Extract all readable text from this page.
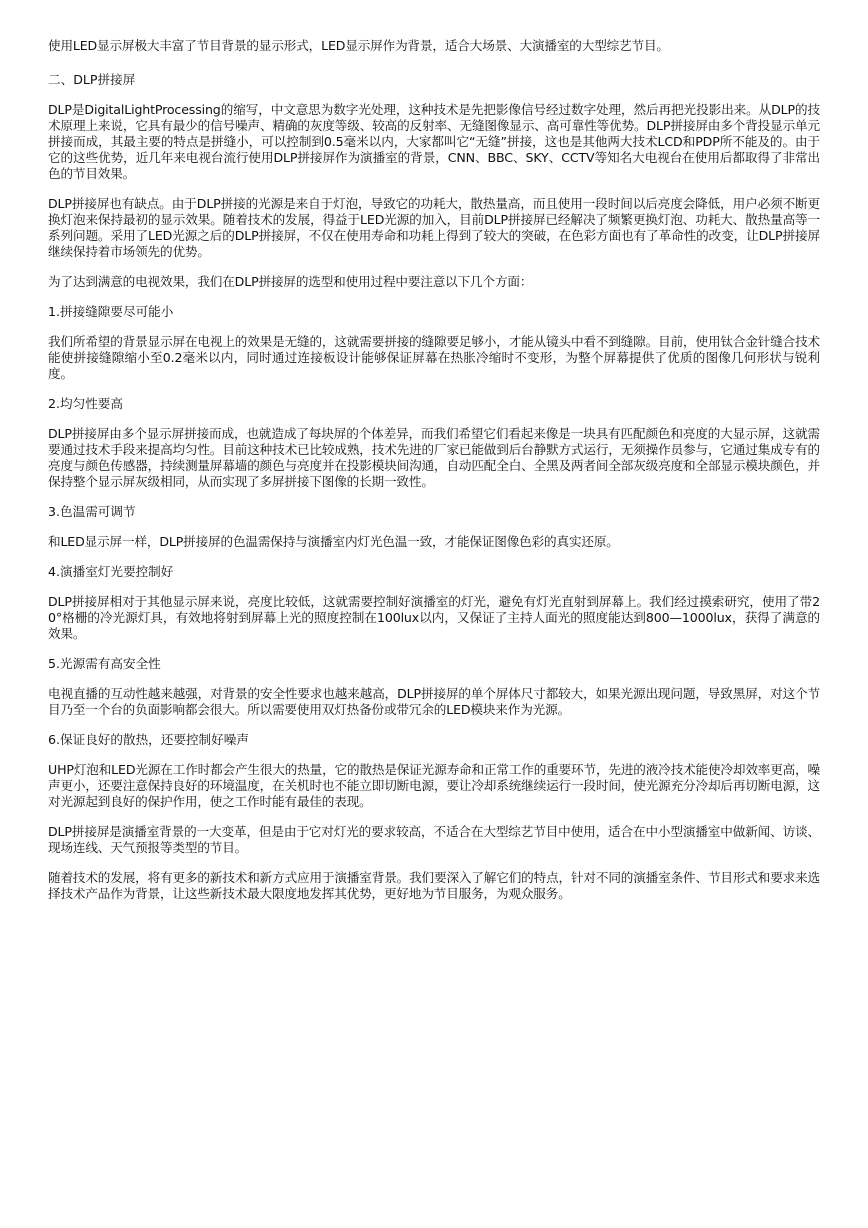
使用LED显示屏极大丰富了节目背景的显示形式，LED显示屏作为背景，适合大场景、大演播室的大型综艺节目。

二、DLP拼接屏

DLP是DigitalLightProcessing的缩写，中文意思为数字光处理，这种技术是先把影像信号经过数字处理，然后再把光投影出来。从DLP的技术原理上来说，它具有最少的信号噪声、精确的灰度等级、较高的反射率、无缝图像显示、高可靠性等优势。DLP拼接屏由多个背投显示单元拼接而成，其最主要的特点是拼缝小，可以控制到0.5毫米以内，大家都叫它“无缝”拼接，这也是其他两大技术LCD和PDP所不能及的。由于它的这些优势，近几年来电视台流行使用DLP拼接屏作为演播室的背景，CNN、BBC、SKY、CCTV等知名大电视台在使用后都取得了非常出色的节目效果。

DLP拼接屏也有缺点。由于DLP拼接的光源是来自于灯泡，导致它的功耗大，散热量高，而且使用一段时间以后亮度会降低，用户必须不断更换灯泡来保持最初的显示效果。随着技术的发展，得益于LED光源的加入，目前DLP拼接屏已经解决了频繁更换灯泡、功耗大、散热量高等一系列问题。采用了LED光源之后的DLP拼接屏，不仅在使用寿命和功耗上得到了较大的突破，在色彩方面也有了革命性的改变，让DLP拼接屏继续保持着市场领先的优势。

为了达到满意的电视效果，我们在DLP拼接屏的选型和使用过程中要注意以下几个方面：

1.拼接缝隙要尽可能小

我们所希望的背景显示屏在电视上的效果是无缝的，这就需要拼接的缝隙要足够小，才能从镜头中看不到缝隙。目前，使用钛合金针缝合技术能使拼接缝隙缩小至0.2毫米以内，同时通过连接板设计能够保证屏幕在热胀冷缩时不变形，为整个屏幕提供了优质的图像几何形状与锐利度。

2.均匀性要高

DLP拼接屏由多个显示屏拼接而成，也就造成了每块屏的个体差异，而我们希望它们看起来像是一块具有匹配颜色和亮度的大显示屏，这就需要通过技术手段来提高均匀性。目前这种技术已比较成熟，技术先进的厂家已能做到后台静默方式运行，无须操作员参与，它通过集成专有的亮度与颜色传感器，持续测量屏幕墙的颜色与亮度并在投影模块间沟通，自动匹配全白、全黑及两者间全部灰级亮度和全部显示模块颜色，并保持整个显示屏灰级相同，从而实现了多屏拼接下图像的长期一致性。

3.色温需可调节

和LED显示屏一样，DLP拼接屏的色温需保持与演播室内灯光色温一致，才能保证图像色彩的真实还原。

4.演播室灯光要控制好

DLP拼接屏相对于其他显示屏来说，亮度比较低，这就需要控制好演播室的灯光，避免有灯光直射到屏幕上。我们经过摸索研究，使用了带20°格栅的冷光源灯具，有效地将射到屏幕上光的照度控制在100lux以内，又保证了主持人面光的照度能达到800—1000lux，获得了满意的效果。

5.光源需有高安全性

电视直播的互动性越来越强，对背景的安全性要求也越来越高，DLP拼接屏的单个屏体尺寸都较大，如果光源出现问题，导致黑屏，对这个节目乃至一个台的负面影响都会很大。所以需要使用双灯热备份或带冗余的LED模块来作为光源。

6.保证良好的散热，还要控制好噪声

UHP灯泡和LED光源在工作时都会产生很大的热量，它的散热是保证光源寿命和正常工作的重要环节，先进的液冷技术能使冷却效率更高，噪声更小，还要注意保持良好的环境温度，在关机时也不能立即切断电源，要让冷却系统继续运行一段时间，使光源充分冷却后再切断电源，这对光源起到良好的保护作用，使之工作时能有最佳的表现。

DLP拼接屏是演播室背景的一大变革，但是由于它对灯光的要求较高，不适合在大型综艺节目中使用，适合在中小型演播室中做新闻、访谈、现场连线、天气预报等类型的节目。

随着技术的发展，将有更多的新技术和新方式应用于演播室背景。我们要深入了解它们的特点，针对不同的演播室条件、节目形式和要求来选择技术产品作为背景，让这些新技术最大限度地发挥其优势，更好地为节目服务，为观众服务。
